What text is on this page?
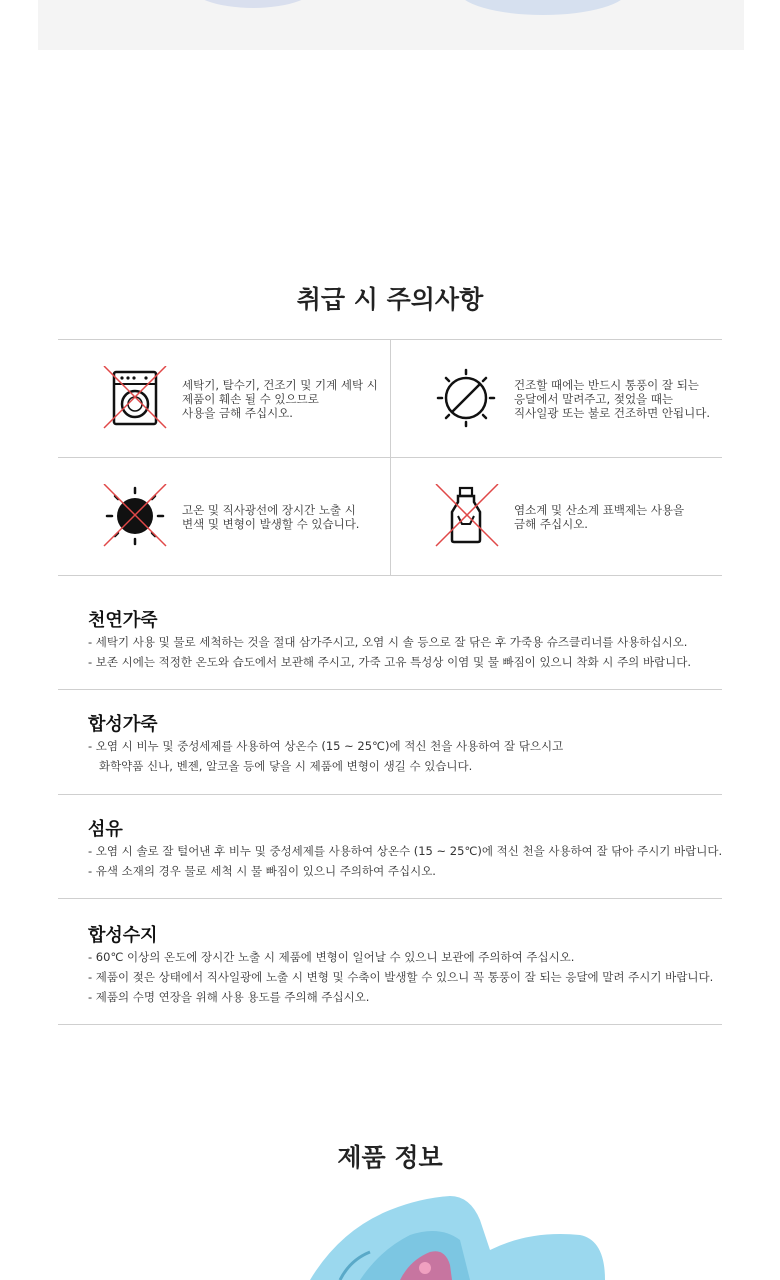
취급 시 주의사항
세탁기, 탈수기, 건조기 및 기계 세탁 시
제품이 훼손 될 수 있으므로
사용을 금해 주십시오.
건조할 때에는 반드시 통풍이 잘 되는
응달에서 말려주고, 젖었을 때는
직사일광 또는 불로 건조하면 안됩니다.
고온 및 직사광선에 장시간 노출 시
변색 및 변형이 발생할 수 있습니다.
염소계 및 산소계 표백제는 사용을
금해 주십시오.
천연가죽
- 세탁기 사용 및 물로 세척하는 것을 절대 삼가주시고, 오염 시 솔 등으로 잘 닦은 후 가죽용 슈즈클리너를 사용하십시오.
- 보존 시에는 적정한 온도와 습도에서 보관해 주시고, 가죽 고유 특성상 이염 및 물 빠짐이 있으니 착화 시 주의 바랍니다.
합성가죽
- 오염 시 비누 및 중성세제를 사용하여 상온수 (15 ~ 25℃)에 적신 천을 사용하여 잘 닦으시고
화학약품 신나, 벤젠, 알코올 등에 닿을 시 제품에 변형이 생길 수 있습니다.
섬유
- 오염 시 솔로 잘 털어낸 후 비누 및 중성세제를 사용하여 상온수 (15 ~ 25℃)에 적신 천을 사용하여 잘 닦아 주시기 바랍니다.
- 유색 소재의 경우 물로 세척 시 물 빠짐이 있으니 주의하여 주십시오.
합성수지
- 60℃ 이상의 온도에 장시간 노출 시 제품에 변형이 일어날 수 있으니 보관에 주의하여 주십시오.
- 제품이 젖은 상태에서 직사일광에 노출 시 변형 및 수축이 발생할 수 있으니 꼭 통풍이 잘 되는 응달에 말려 주시기 바랍니다.
- 제품의 수명 연장을 위해 사용 용도를 주의해 주십시오.
제품 정보
